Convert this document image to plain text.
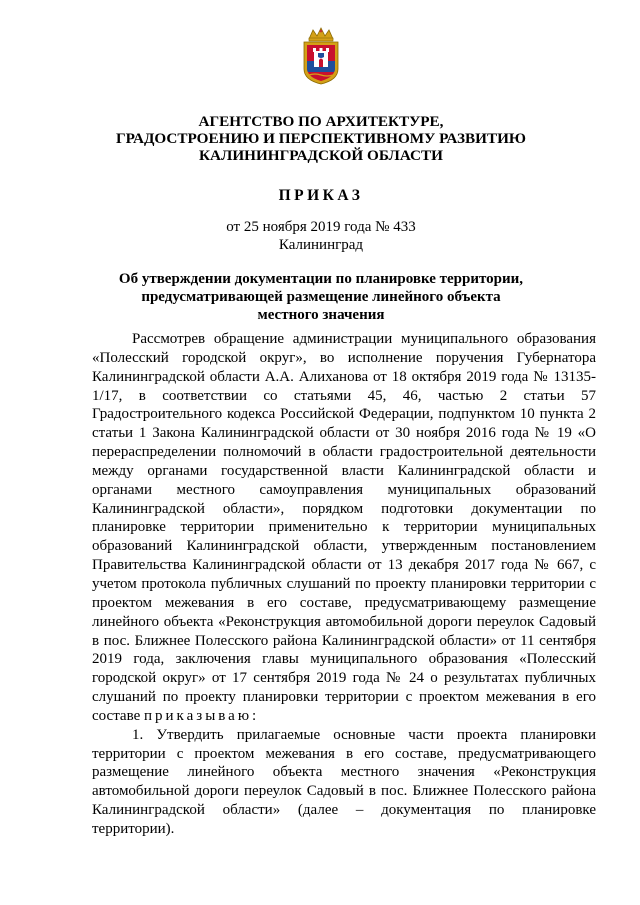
АГЕНТСТВО ПО АРХИТЕКТУРЕ,
ГРАДОСТРОЕНИЮ И ПЕРСПЕКТИВНОМУ РАЗВИТИЮ
КАЛИНИНГРАДСКОЙ ОБЛАСТИ
ПРИКАЗ
от 25 ноября 2019 года № 433
Калининград
Об утверждении документации по планировке территории,
предусматривающей размещение линейного объекта
местного значения

Рассмотрев обращение администрации муниципального образования «Полесский городской округ», во исполнение поручения Губернатора Калининградской области А.А. Алиханова от 18 октября 2019 года № 13135-1/17, в соответствии со статьями 45, 46, частью 2 статьи 57 Градостроительного кодекса Российской Федерации, подпунктом 10 пункта 2 статьи 1 Закона Калининградской области от 30 ноября 2016 года № 19 «О перераспределении полномочий в области градостроительной деятельности между органами государственной власти Калининградской области и органами местного самоуправления муниципальных образований Калининградской области», порядком подготовки документации по планировке территории применительно к территории муниципальных образований Калининградской области, утвержденным постановлением Правительства Калининградской области от 13 декабря 2017 года № 667, с учетом протокола публичных слушаний по проекту планировки территории с проектом межевания в его составе, предусматривающему размещение линейного объекта «Реконструкция автомобильной дороги переулок Садовый в пос. Ближнее Полесского района Калининградской области» от 11 сентября 2019 года, заключения главы муниципального образования «Полесский городской округ» от 17 сентября 2019 года № 24 о результатах публичных слушаний по проекту планировки территории с проектом межевания в его составе приказываю:

1. Утвердить прилагаемые основные части проекта планировки территории с проектом межевания в его составе, предусматривающего размещение линейного объекта местного значения «Реконструкция автомобильной дороги переулок Садовый в пос. Ближнее Полесского района Калининградской области» (далее – документация по планировке территории).
